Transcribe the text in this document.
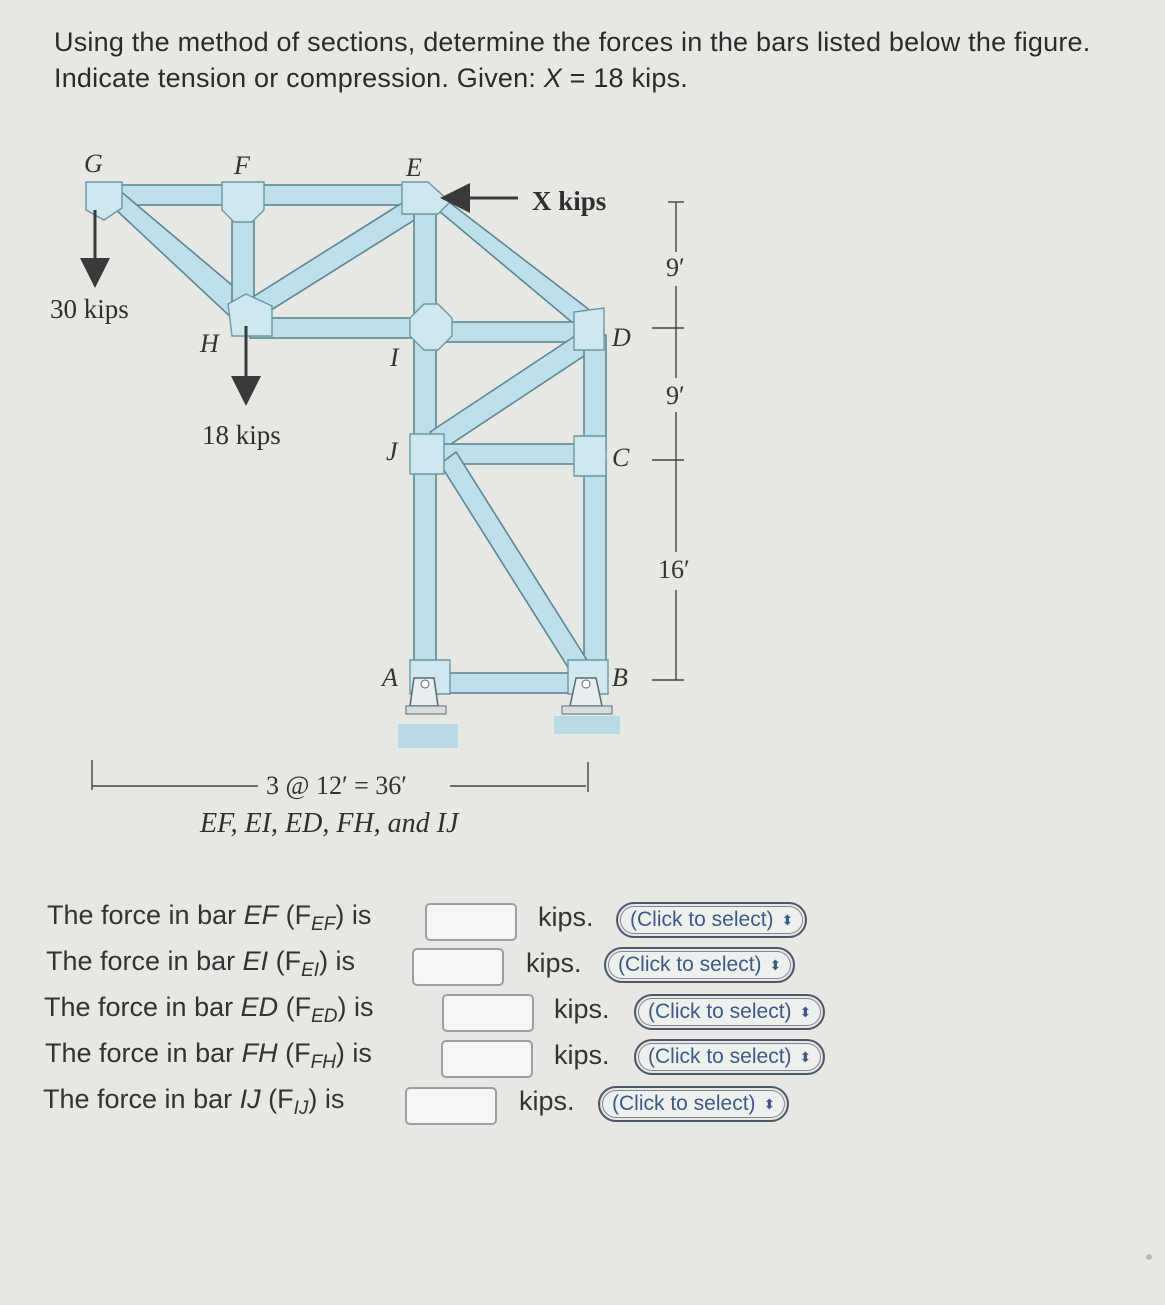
Using the method of sections, determine the forces in the bars listed below the figure. Indicate tension or compression. Given: X = 18 kips.
G	F	E
H	I
J
D
C
A	B
X kips
30 kips
18 kips
9′
9′
16′
3 @ 12′ = 36′
EF, EI, ED, FH, and IJ
The force in bar EF $(F_{EF})$ is	kips. (Click to select) ⬍
The force in bar EI $(F_{EI})$ is	kips. (Click to select) ⬍
The force in bar ED $(F_{ED})$ is	kips. (Click to select) ⬍
The force in bar FH $(F_{FH})$ is	kips. (Click to select) ⬍
The force in bar IJ $(F_{IJ})$ is	kips. (Click to select) ⬍
